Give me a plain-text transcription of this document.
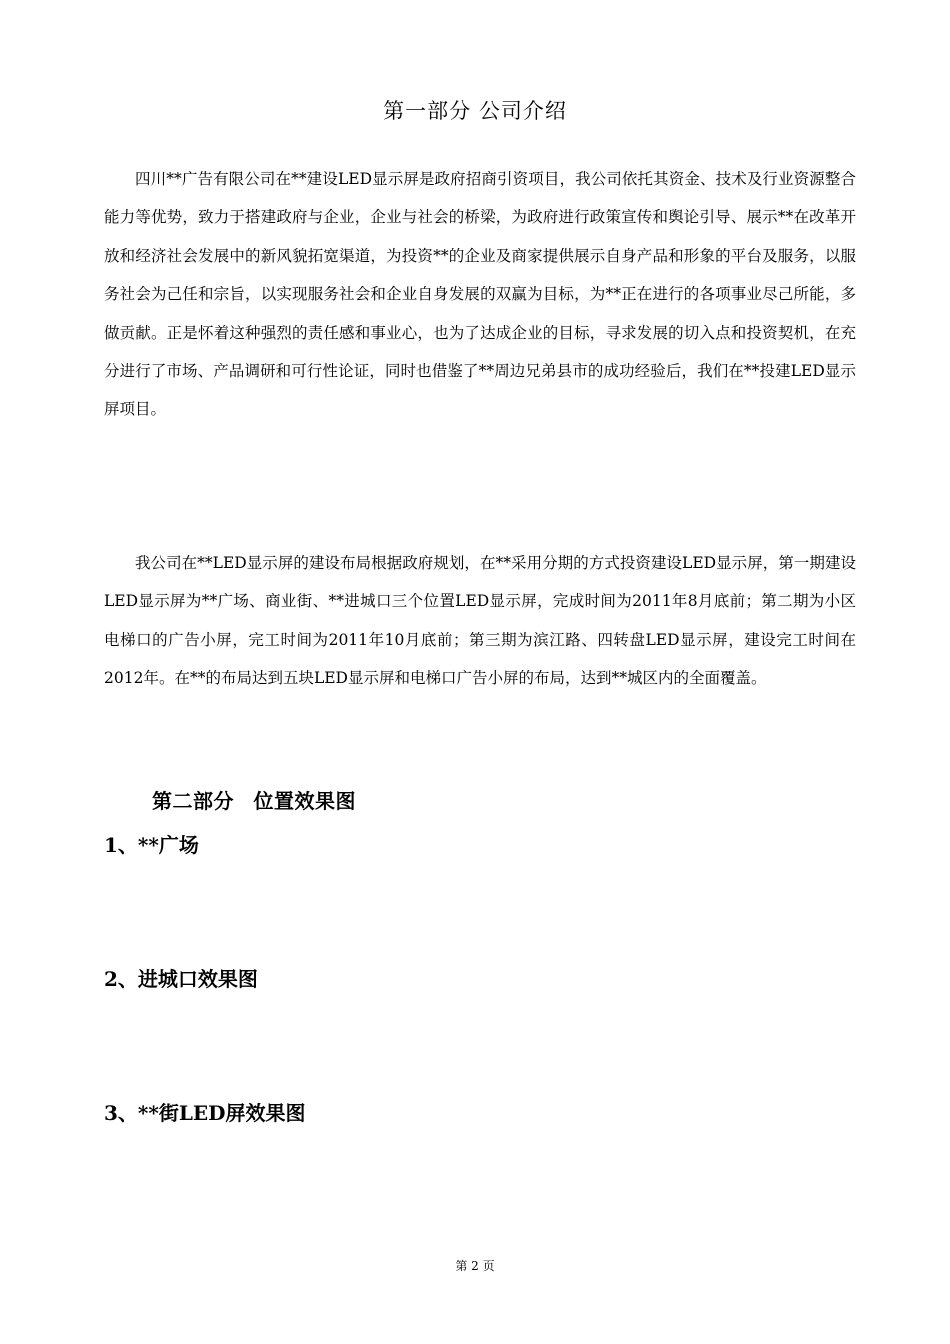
第一部分 公司介绍

四川**广告有限公司在**建设LED显示屏是政府招商引资项目，我公司依托其资金、技术及行业资源整合能力等优势，致力于搭建政府与企业，企业与社会的桥梁，为政府进行政策宣传和舆论引导、展示**在改革开放和经济社会发展中的新风貌拓宽渠道，为投资**的企业及商家提供展示自身产品和形象的平台及服务，以服务社会为己任和宗旨，以实现服务社会和企业自身发展的双赢为目标，为**正在进行的各项事业尽己所能，多做贡献。正是怀着这种强烈的责任感和事业心，也为了达成企业的目标，寻求发展的切入点和投资契机，在充分进行了市场、产品调研和可行性论证，同时也借鉴了**周边兄弟县市的成功经验后，我们在**投建LED显示屏项目。

我公司在**LED显示屏的建设布局根据政府规划，在**采用分期的方式投资建设LED显示屏，第一期建设LED显示屏为**广场、商业街、**进城口三个位置LED显示屏，完成时间为2011年8月底前；第二期为小区电梯口的广告小屏，完工时间为2011年10月底前；第三期为滨江路、四转盘LED显示屏，建设完工时间在2012年。在**的布局达到五块LED显示屏和电梯口广告小屏的布局，达到**城区内的全面覆盖。

第二部分 位置效果图
1、**广场
2、进城口效果图
3、**街LED屏效果图
第 2 页
